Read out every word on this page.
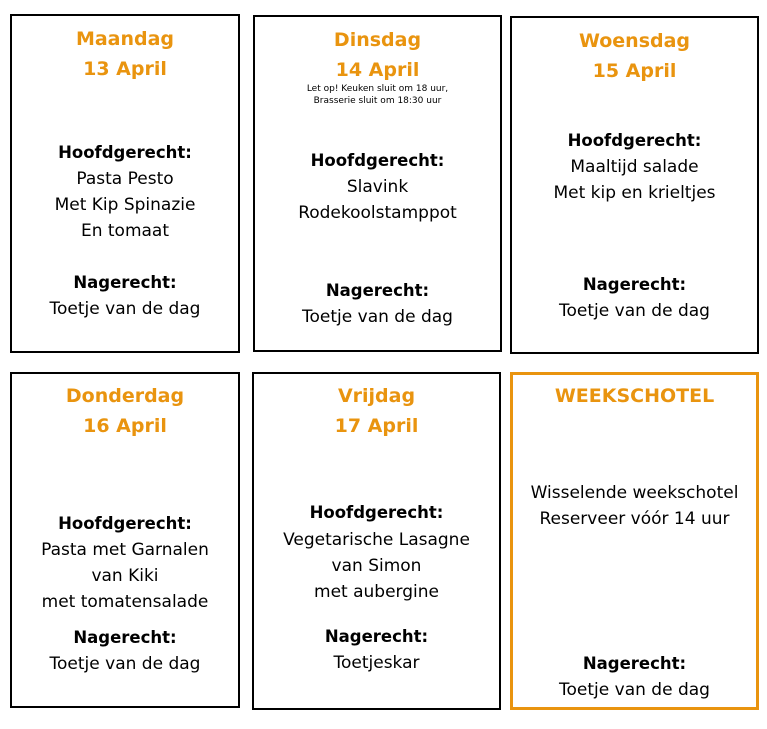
Maandag
13 April
Hoofdgerecht:
Pasta Pesto
Met Kip Spinazie
En tomaat
Nagerecht:
Toetje van de dag
Dinsdag
14 April
Let op! Keuken sluit om 18 uur,
Brasserie sluit om 18:30 uur
Hoofdgerecht:
Slavink
Rodekoolstamppot
Nagerecht:
Toetje van de dag
Woensdag
15 April
Hoofdgerecht:
Maaltijd salade
Met kip en krieltjes
Nagerecht:
Toetje van de dag
Donderdag
16 April
Hoofdgerecht:
Pasta met Garnalen
van Kiki
met tomatensalade
Nagerecht:
Toetje van de dag
Vrijdag
17 April
Hoofdgerecht:
Vegetarische Lasagne
van Simon
met aubergine
Nagerecht:
Toetjeskar
WEEKSCHOTEL
Wisselende weekschotel
Reserveer vóór 14 uur
Nagerecht:
Toetje van de dag
